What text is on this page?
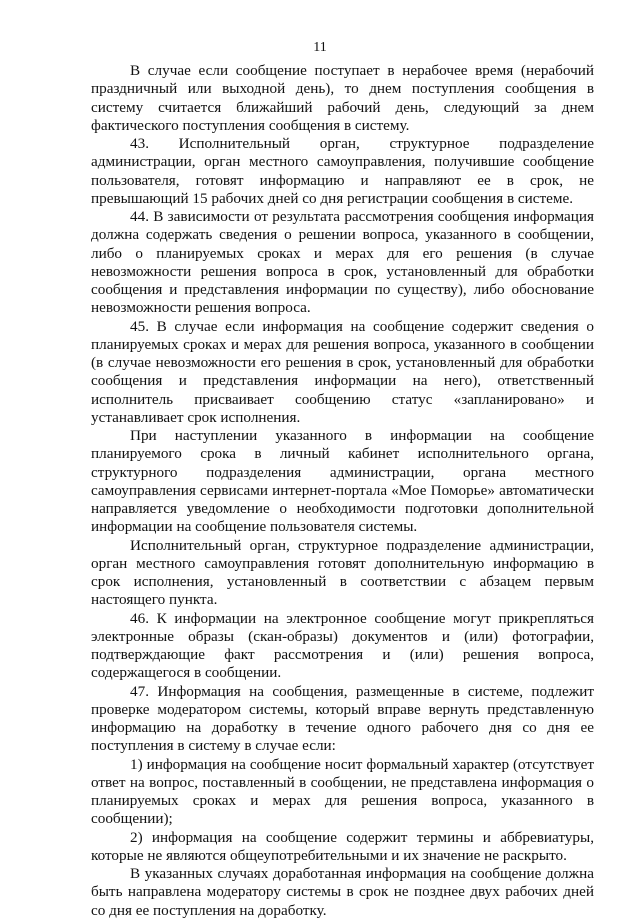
11

В случае если сообщение поступает в нерабочее время (нерабочий праздничный или выходной день), то днем поступления сообщения в систему считается ближайший рабочий день, следующий за днем фактического поступления сообщения в систему.

43. Исполнительный орган, структурное подразделение администрации, орган местного самоуправления, получившие сообщение пользователя, готовят информацию и направляют ее в срок, не превышающий 15 рабочих дней со дня регистрации сообщения в системе.

44. В зависимости от результата рассмотрения сообщения информация должна содержать сведения о решении вопроса, указанного в сообщении, либо о планируемых сроках и мерах для его решения (в случае невозможности решения вопроса в срок, установленный для обработки сообщения и представления информации по существу), либо обоснование невозможности решения вопроса.

45. В случае если информация на сообщение содержит сведения о планируемых сроках и мерах для решения вопроса, указанного в сообщении (в случае невозможности его решения в срок, установленный для обработки сообщения и представления информации на него), ответственный исполнитель присваивает сообщению статус «запланировано» и устанавливает срок исполнения.

При наступлении указанного в информации на сообщение планируемого срока в личный кабинет исполнительного органа, структурного подразделения администрации, органа местного самоуправления сервисами интернет-портала «Мое Поморье» автоматически направляется уведомление о необходимости подготовки дополнительной информации на сообщение пользователя системы.

Исполнительный орган, структурное подразделение администрации, орган местного самоуправления готовят дополнительную информацию в срок исполнения, установленный в соответствии с абзацем первым настоящего пункта.

46. К информации на электронное сообщение могут прикрепляться электронные образы (скан-образы) документов и (или) фотографии, подтверждающие факт рассмотрения и (или) решения вопроса, содержащегося в сообщении.

47. Информация на сообщения, размещенные в системе, подлежит проверке модератором системы, который вправе вернуть представленную информацию на доработку в течение одного рабочего дня со дня ее поступления в систему в случае если:

1) информация на сообщение носит формальный характер (отсутствует ответ на вопрос, поставленный в сообщении, не представлена информация о планируемых сроках и мерах для решения вопроса, указанного в сообщении);

2) информация на сообщение содержит термины и аббревиатуры, которые не являются общеупотребительными и их значение не раскрыто.

В указанных случаях доработанная информация на сообщение должна быть направлена модератору системы в срок не позднее двух рабочих дней со дня ее поступления на доработку.
